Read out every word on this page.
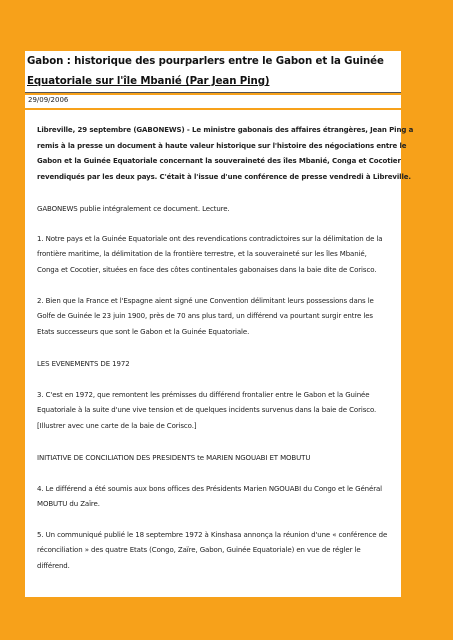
Gabon : historique des pourparlers entre le Gabon et la Guinée
Equatoriale sur l'île Mbanié (Par Jean Ping)
29/09/2006
Libreville, 29 septembre (GABONEWS) - Le ministre gabonais des affaires étrangères, Jean Ping a
remis à la presse un document à haute valeur historique sur l'histoire des négociations entre le
Gabon et la Guinée Equatoriale concernant la souveraineté des îles Mbanié, Conga et Cocotier
revendiqués par les deux pays. C'était à l'issue d'une conférence de presse vendredi à Libreville.
GABONEWS publie intégralement ce document. Lecture.
1. Notre pays et la Guinée Equatoriale ont des revendications contradictoires sur la délimitation de la
frontière maritime, la délimitation de la frontière terrestre, et la souveraineté sur les îles Mbanié,
Conga et Cocotier, situées en face des côtes continentales gabonaises dans la baie dite de Corisco.
2. Bien que la France et l'Espagne aient signé une Convention délimitant leurs possessions dans le
Golfe de Guinée le 23 juin 1900, près de 70 ans plus tard, un différend va pourtant surgir entre les
Etats successeurs que sont le Gabon et la Guinée Equatoriale.
LES EVENEMENTS DE 1972
3. C'est en 1972, que remontent les prémisses du différend frontalier entre le Gabon et la Guinée
Equatoriale à la suite d'une vive tension et de quelques incidents survenus dans la baie de Corisco.
[Illustrer avec une carte de la baie de Corisco.]
INITIATIVE DE CONCILIATION DES PRESIDENTS te MARIEN NGOUABI ET MOBUTU
4. Le différend a été soumis aux bons offices des Présidents Marien NGOUABI du Congo et le Général
MOBUTU du Zaïre.
5. Un communiqué publié le 18 septembre 1972 à Kinshasa annonça la réunion d'une « conférence de
réconciliation » des quatre Etats (Congo, Zaïre, Gabon, Guinée Equatoriale) en vue de régler le
différend.
